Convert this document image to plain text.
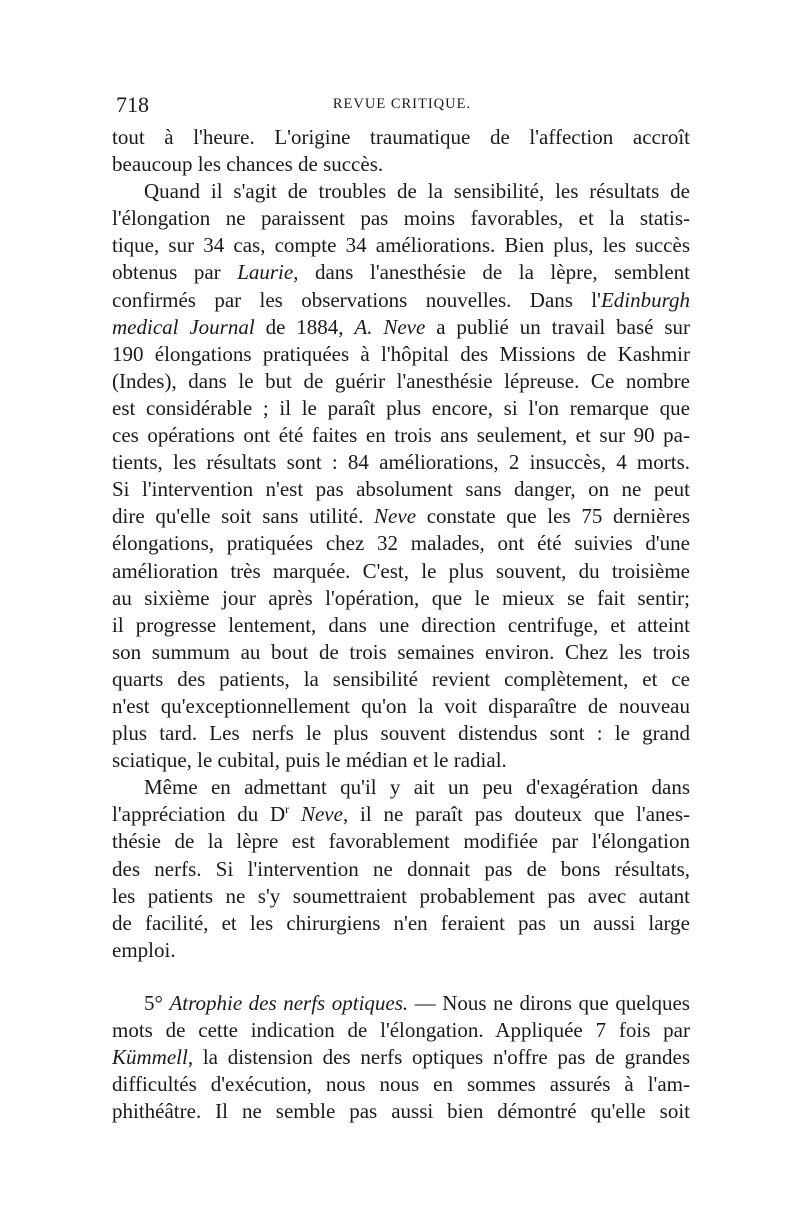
718	REVUE CRITIQUE.
tout à l'heure. L'origine traumatique de l'affection accroît
beaucoup les chances de succès.
Quand il s'agit de troubles de la sensibilité, les résultats de
l'élongation ne paraissent pas moins favorables, et la statis-
tique, sur 34 cas, compte 34 améliorations. Bien plus, les succès
obtenus par Laurie, dans l'anesthésie de la lèpre, semblent
confirmés par les observations nouvelles. Dans l'Edinburgh
medical Journal de 1884, A. Neve a publié un travail basé sur
190 élongations pratiquées à l'hôpital des Missions de Kashmir
(Indes), dans le but de guérir l'anesthésie lépreuse. Ce nombre
est considérable ; il le paraît plus encore, si l'on remarque que
ces opérations ont été faites en trois ans seulement, et sur 90 pa-
tients, les résultats sont : 84 améliorations, 2 insuccès, 4 morts.
Si l'intervention n'est pas absolument sans danger, on ne peut
dire qu'elle soit sans utilité. Neve constate que les 75 dernières
élongations, pratiquées chez 32 malades, ont été suivies d'une
amélioration très marquée. C'est, le plus souvent, du troisième
au sixième jour après l'opération, que le mieux se fait sentir;
il progresse lentement, dans une direction centrifuge, et atteint
son summum au bout de trois semaines environ. Chez les trois
quarts des patients, la sensibilité revient complètement, et ce
n'est qu'exceptionnellement qu'on la voit disparaître de nouveau
plus tard. Les nerfs le plus souvent distendus sont : le grand
sciatique, le cubital, puis le médian et le radial.
Même en admettant qu'il y ait un peu d'exagération dans
l'appréciation du $D^r$ Neve, il ne paraît pas douteux que l'anes-
thésie de la lèpre est favorablement modifiée par l'élongation
des nerfs. Si l'intervention ne donnait pas de bons résultats,
les patients ne s'y soumettraient probablement pas avec autant
de facilité, et les chirurgiens n'en feraient pas un aussi large
emploi.
5° Atrophie des nerfs optiques. — Nous ne dirons que quelques
mots de cette indication de l'élongation. Appliquée 7 fois par
Kümmell, la distension des nerfs optiques n'offre pas de grandes
difficultés d'exécution, nous nous en sommes assurés à l'am-
phithéâtre. Il ne semble pas aussi bien démontré qu'elle soit
